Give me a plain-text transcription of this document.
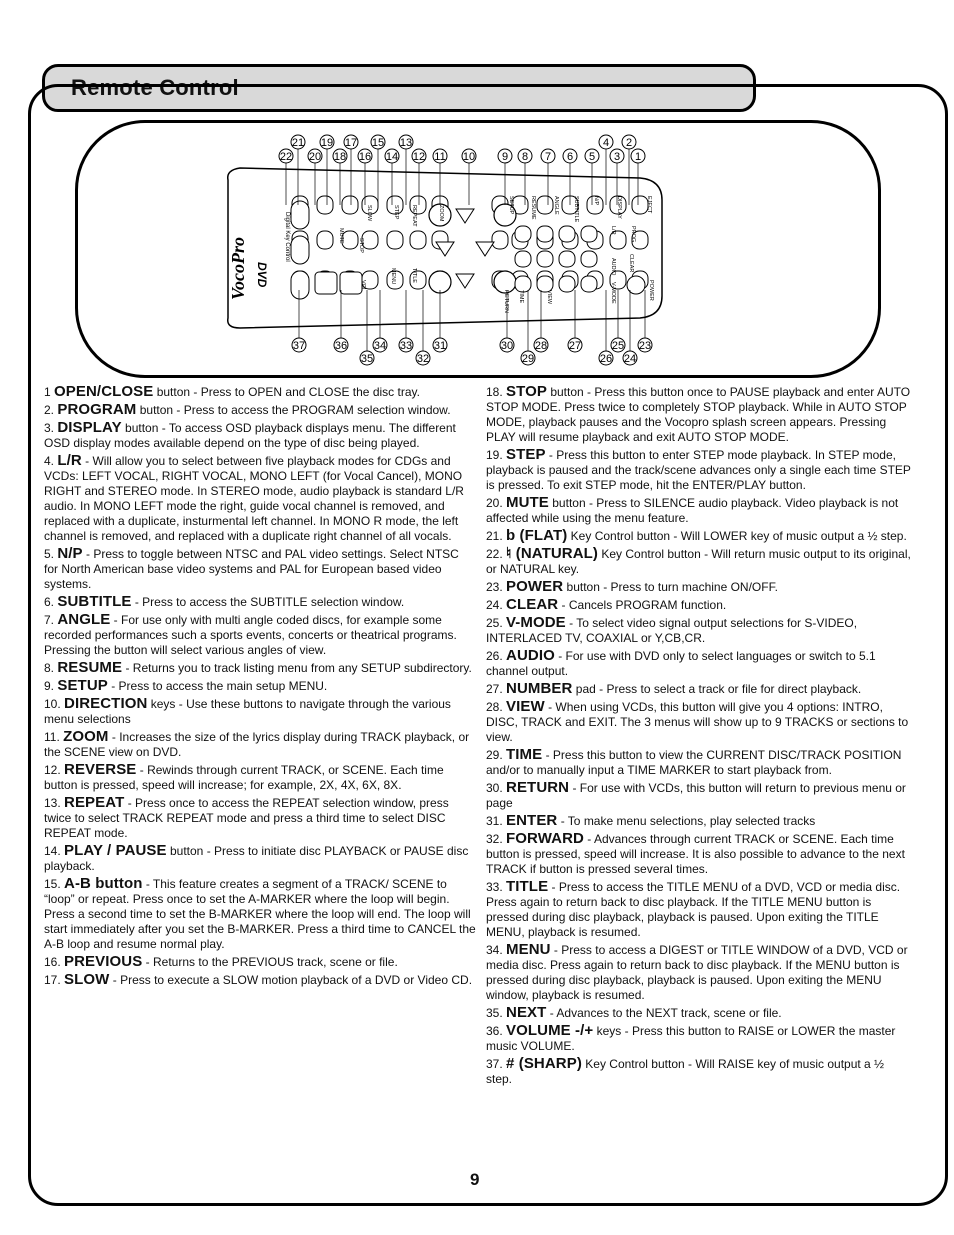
Remote Control
VocoPro DVD
Digital Key Control
EJECT
PROG
CLEAR
DISPLAY
L/R
AUDIO
V-MODE
N/P
SUBTITLE
ANGLE
RESUME
SETUP
STEP	ZOOM
REPEAT
TITLE
MENU
STOP
SLOW
MUTE
VOL
RETURN TIME	VIEW	POWER
22
21
20
19
18
17
16
15
14
13
12 11 10 9 8 7 6 5
4
3
2
1
37	36
35
34 33
32
31	30
29
28 27
26
25
24
23

1 OPEN/CLOSE button - Press to OPEN and CLOSE the disc tray.

2. PROGRAM button - Press to access the PROGRAM selection window.

3. DISPLAY button - To access OSD playback displays menu. The different OSD display modes available depend on the type of disc being played.

4. L/R - Will allow you to select between five playback modes for CDGs and VCDs: LEFT VOCAL, RIGHT VOCAL, MONO LEFT (for Vocal Cancel), MONO RIGHT and STEREO mode. In STEREO mode, audio playback is standard L/R audio. In MONO LEFT mode the right, guide vocal channel is removed, and replaced with a duplicate, insturmental left channel. In MONO R mode, the left channel is removed, and replaced with a duplicate right channel of all vocals.

5. N/P - Press to toggle between NTSC and PAL video settings. Select NTSC for North American base video systems and PAL for European based video systems.

6. SUBTITLE - Press to access the SUBTITLE selection window.

7. ANGLE - For use only with multi angle coded discs, for example some recorded performances such a sports events, concerts or theatrical programs. Pressing the button will select various angles of view.

8. RESUME - Returns you to track listing menu from any SETUP subdirectory.

9. SETUP - Press to access the main setup MENU.

10. DIRECTION keys - Use these buttons to navigate through the various menu selections

11. ZOOM - Increases the size of the lyrics display during TRACK playback, or the SCENE view on DVD.

12. REVERSE - Rewinds through current TRACK, or SCENE. Each time button is pressed, speed will increase; for example, 2X, 4X, 6X, 8X.

13. REPEAT - Press once to access the REPEAT selection window, press twice to select TRACK REPEAT mode and press a third time to select DISC REPEAT mode.

14. PLAY / PAUSE button - Press to initiate disc PLAYBACK or PAUSE disc playback.

15. A-B button - This feature creates a segment of a TRACK/ SCENE to “loop” or repeat. Press once to set the A-MARKER where the loop will begin. Press a second time to set the B-MARKER where the loop will end. The loop will start immediately after you set the B-MARKER. Press a third time to CANCEL the A-B loop and resume normal play.

16. PREVIOUS - Returns to the PREVIOUS track, scene or file.

17. SLOW - Press to execute a SLOW motion playback of a DVD or Video CD.

18. STOP button - Press this button once to PAUSE playback and enter AUTO STOP MODE. Press twice to completely STOP playback. While in AUTO STOP MODE, playback pauses and the Vocopro splash screen appears. Pressing PLAY will resume playback and exit AUTO STOP MODE.

19. STEP - Press this button to enter STEP mode playback. In STEP mode, playback is paused and the track/scene advances only a single each time STEP is pressed. To exit STEP mode, hit the ENTER/PLAY button.

20. MUTE button - Press to SILENCE audio playback. Video playback is not affected while using the menu feature.

21. b (FLAT) Key Control button - Will LOWER key of music output a ½ step.

22. ♮ (NATURAL) Key Control button - Will return music output to its original, or NATURAL key.

23. POWER button - Press to turn machine ON/OFF.

24. CLEAR - Cancels PROGRAM function.

25. V-MODE - To select video signal output selections for S-VIDEO, INTERLACED TV, COAXIAL or Y,CB,CR.

26. AUDIO - For use with DVD only to select languages or switch to 5.1 channel output.

27. NUMBER pad - Press to select a track or file for direct playback.

28. VIEW - When using VCDs, this button will give you 4 options: INTRO, DISC, TRACK and EXIT. The 3 menus will show up to 9 TRACKS or sections to view.

29. TIME - Press this button to view the CURRENT DISC/TRACK POSITION and/or to manually input a TIME MARKER to start playback from.

30. RETURN - For use with VCDs, this button will return to previous menu or page

31. ENTER - To make menu selections, play selected tracks

32. FORWARD - Advances through current TRACK or SCENE. Each time button is pressed, speed will increase. It is also possible to advance to the next TRACK if button is pressed several times.

33. TITLE - Press to access the TITLE MENU of a DVD, VCD or media disc. Press again to return back to disc playback. If the TITLE MENU button is pressed during disc playback, playback is paused. Upon exiting the TITLE MENU, playback is resumed.

34. MENU - Press to access a DIGEST or TITLE WINDOW of a DVD, VCD or media disc. Press again to return back to disc playback. If the MENU button is pressed during disc playback, playback is paused. Upon exiting the MENU window, playback is resumed.

35. NEXT - Advances to the NEXT track, scene or file.

36. VOLUME -/+ keys - Press this button to RAISE or LOWER the master music VOLUME.

37. # (SHARP) Key Control button - Will RAISE key of music output a ½ step.

9
